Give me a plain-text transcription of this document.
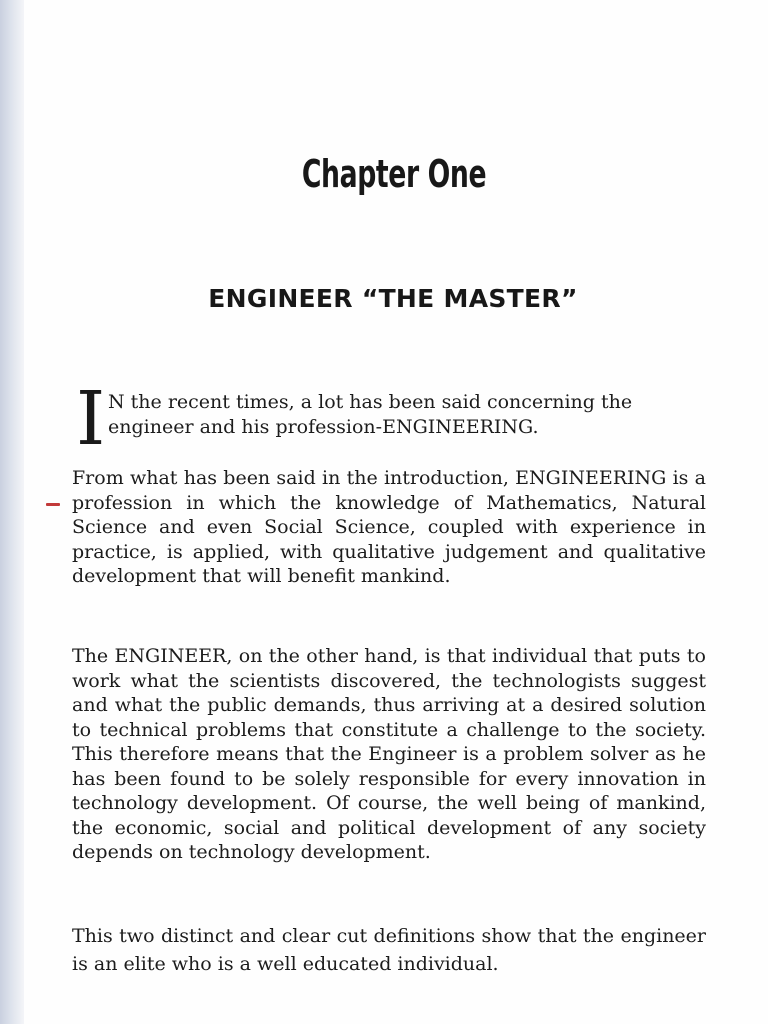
Chapter One
ENGINEER “THE MASTER”
I N the recent times, a lot has been said concerning the engineer and his profession-ENGINEERING.
From what has been said in the introduction, ENGINEERING is a profession in which the knowledge of Mathematics, Natural Science and even Social Science, coupled with experience in practice, is applied, with qualitative judgement and qualitative development that will benefit mankind.
The ENGINEER, on the other hand, is that individual that puts to work what the scientists discovered, the technologists suggest and what the public demands, thus arriving at a desired solution to technical problems that constitute a challenge to the society. This therefore means that the Engineer is a problem solver as he has been found to be solely responsible for every innovation in technology development. Of course, the well being of mankind, the economic, social and political development of any society depends on technology development.
This two distinct and clear cut definitions show that the engineer is an elite who is a well educated individual.
